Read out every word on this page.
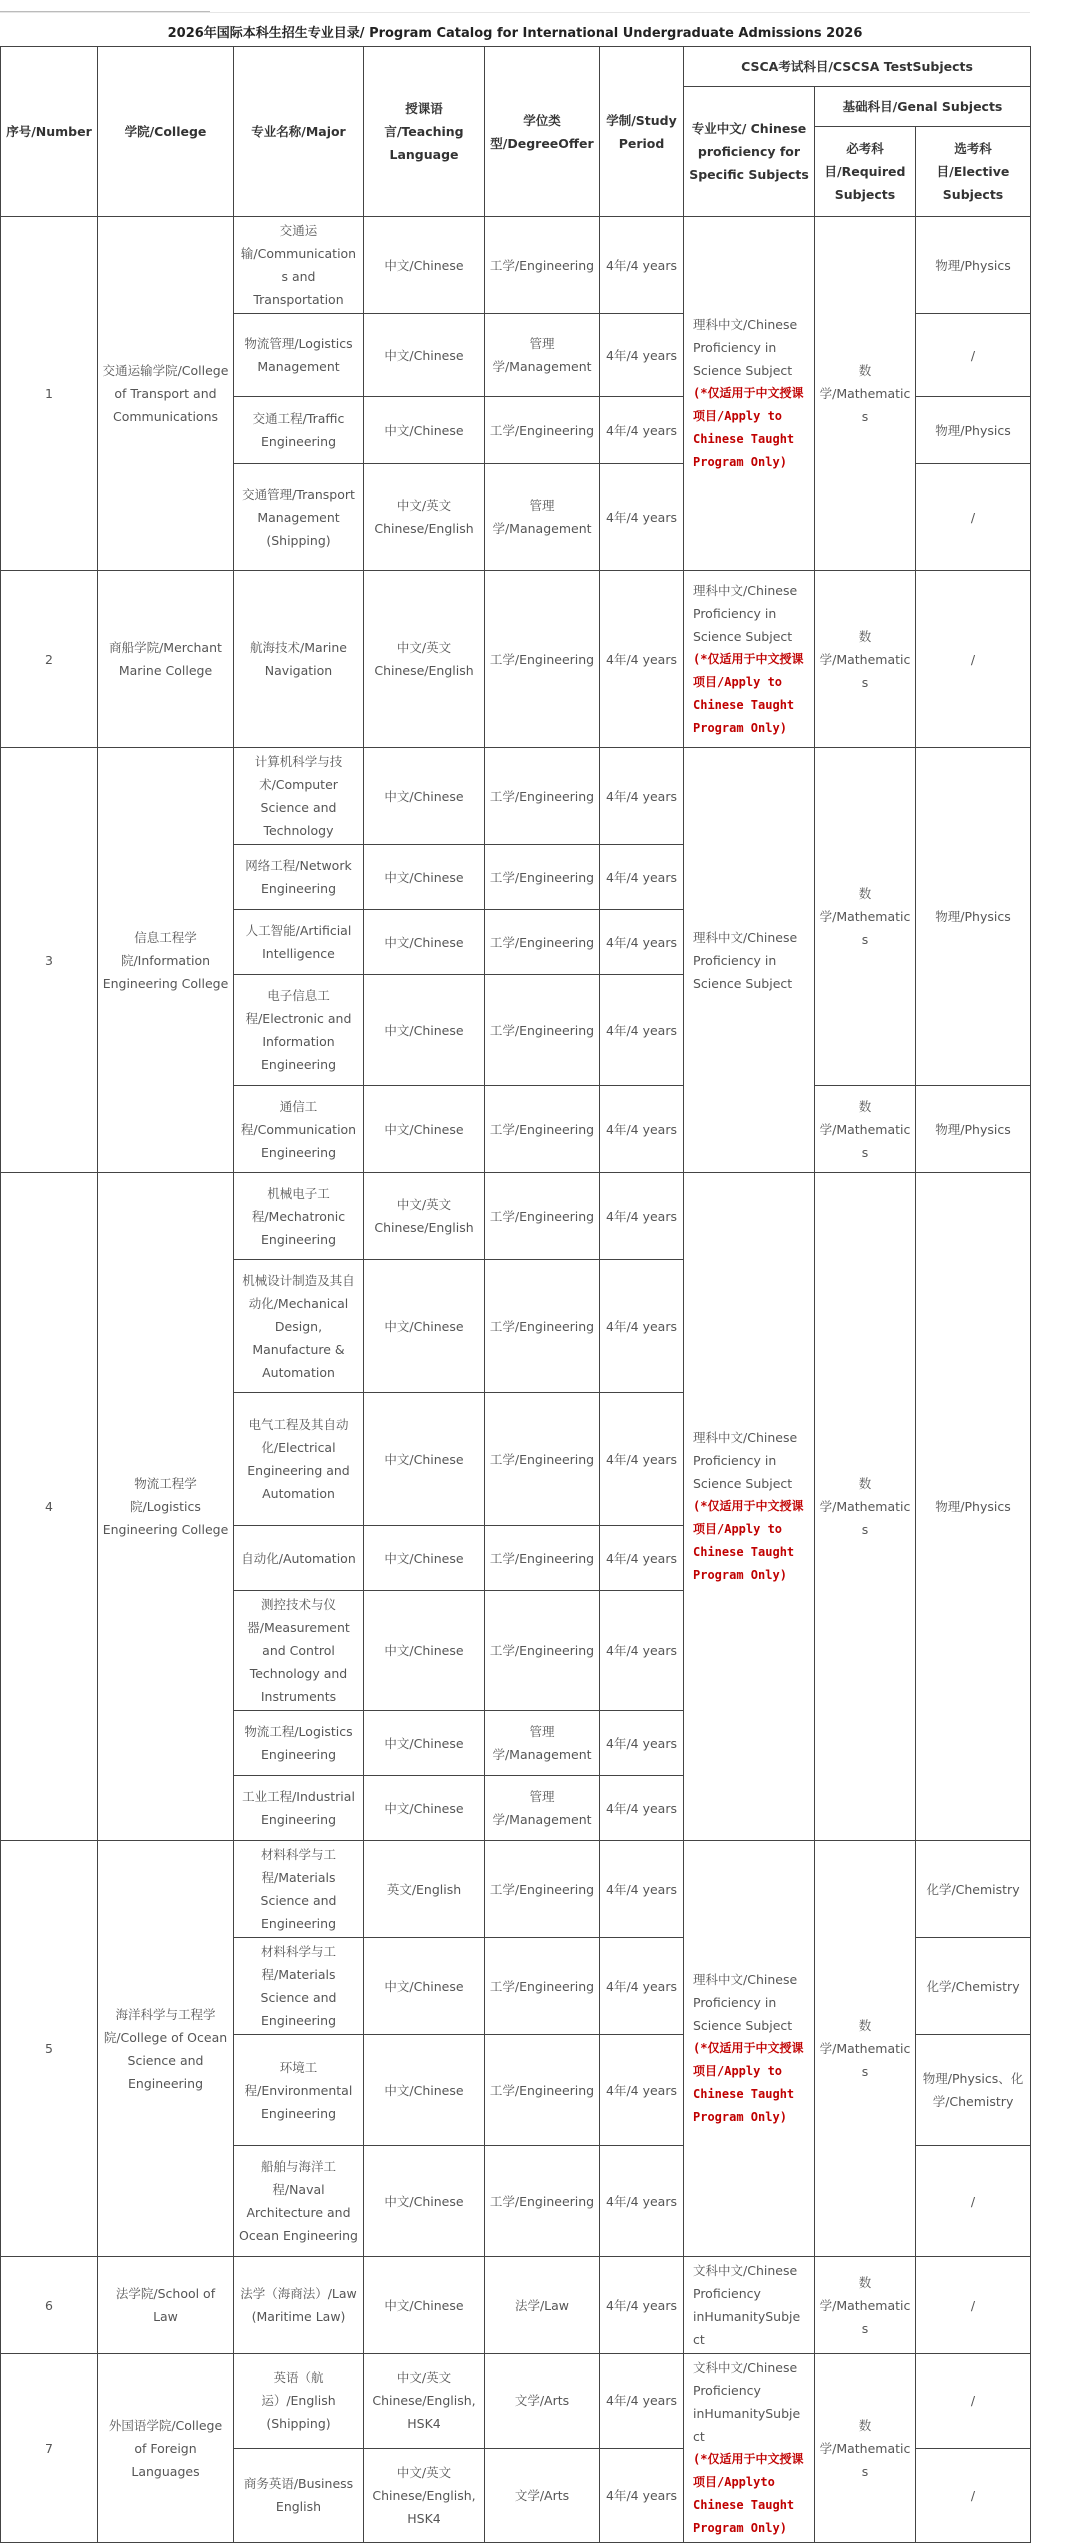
2026年国际本科生招生专业目录/ Program Catalog for International Undergraduate Admissions 2026
序号/Number	学院/College	专业名称/Major	授课语言/Teaching Language	学位类型/DegreeOffer	学制/Study Period	CSCA考试科目/CSCSA TestSubjects		
						专业中文/ Chinese proficiency for Specific Subjects	基础科目/Genal Subjects	
							必考科目/Required Subjects	选考科目/Elective Subjects
1	交通运输学院/College of Transport and Communications	交通运输/Communications and Transportation	中文/Chinese	工学/Engineering	4年/4 years	理科中文/Chinese Proficiency in Science Subject
(*仅适用于中文授课项目/Apply to Chinese Taught Program Only)	数学/Mathematics	物理/Physics
		物流管理/Logistics Management	中文/Chinese	管理学/Management	4年/4 years			/
		交通工程/Traffic Engineering	中文/Chinese	工学/Engineering	4年/4 years			物理/Physics
		交通管理/Transport Management (Shipping)	中文/英文 Chinese/English	管理学/Management	4年/4 years			/
2	商船学院/Merchant Marine College	航海技术/Marine Navigation	中文/英文 Chinese/English	工学/Engineering	4年/4 years	理科中文/Chinese Proficiency in Science Subject
(*仅适用于中文授课项目/Apply to Chinese Taught Program Only)	数学/Mathematics	/
3	信息工程学院/Information Engineering College	计算机科学与技术/Computer Science and Technology	中文/Chinese	工学/Engineering	4年/4 years	理科中文/Chinese Proficiency in Science Subject	数学/Mathematics	物理/Physics
		网络工程/Network Engineering	中文/Chinese	工学/Engineering	4年/4 years			
		人工智能/Artificial Intelligence	中文/Chinese	工学/Engineering	4年/4 years			
		电子信息工程/Electronic and Information Engineering	中文/Chinese	工学/Engineering	4年/4 years			
		通信工程/Communication Engineering	中文/Chinese	工学/Engineering	4年/4 years		数学/Mathematics	物理/Physics
4	物流工程学院/Logistics Engineering College	机械电子工程/Mechatronic Engineering	中文/英文 Chinese/English	工学/Engineering	4年/4 years	理科中文/Chinese Proficiency in Science Subject
(*仅适用于中文授课项目/Apply to Chinese Taught Program Only)	数学/Mathematics	物理/Physics
		机械设计制造及其自动化/Mechanical Design, Manufacture & Automation	中文/Chinese	工学/Engineering	4年/4 years			
		电气工程及其自动化/Electrical Engineering and Automation	中文/Chinese	工学/Engineering	4年/4 years			
		自动化/Automation	中文/Chinese	工学/Engineering	4年/4 years			
		测控技术与仪器/Measurement and Control Technology and Instruments	中文/Chinese	工学/Engineering	4年/4 years			
		物流工程/Logistics Engineering	中文/Chinese	管理学/Management	4年/4 years			
		工业工程/Industrial Engineering	中文/Chinese	管理学/Management	4年/4 years			
5	海洋科学与工程学院/College of Ocean Science and Engineering	材料科学与工程/Materials Science and Engineering	英文/English	工学/Engineering	4年/4 years	理科中文/Chinese Proficiency in Science Subject
(*仅适用于中文授课项目/Apply to Chinese Taught Program Only)	数学/Mathematics	化学/Chemistry
		材料科学与工程/Materials Science and Engineering	中文/Chinese	工学/Engineering	4年/4 years			化学/Chemistry
		环境工程/Environmental Engineering	中文/Chinese	工学/Engineering	4年/4 years			物理/Physics、化学/Chemistry
		船舶与海洋工程/Naval Architecture and Ocean Engineering	中文/Chinese	工学/Engineering	4年/4 years			/
6	法学院/School of Law	法学（海商法）/Law (Maritime Law)	中文/Chinese	法学/Law	4年/4 years	文科中文/Chinese Proficiency inHumanitySubject	数学/Mathematics	/
7	外国语学院/College of Foreign Languages	英语（航运）/English (Shipping)	中文/英文 Chinese/English, HSK4	文学/Arts	4年/4 years	文科中文/Chinese Proficiency inHumanitySubject
(*仅适用于中文授课项目/Applyto Chinese Taught Program Only)	数学/Mathematics	/
		商务英语/Business English	中文/英文 Chinese/English, HSK4	文学/Arts	4年/4 years			/
